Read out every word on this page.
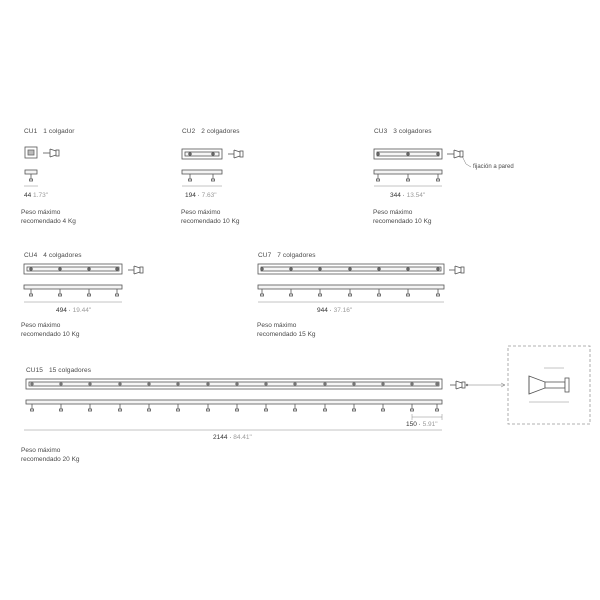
CU1 1 colgador
44 1.73"
Peso máximo recomendado 4 Kg
CU2 2 colgadores
194 · 7.63"
Peso máximo recomendado 10 Kg
CU3 3 colgadores
344 · 13.54"
Peso máximo recomendado 10 Kg
fijación a pared
CU4 4 colgadores
494 · 19.44"
Peso máximo recomendado 10 Kg
CU7 7 colgadores
944 · 37.16"
Peso máximo recomendado 15 Kg
CU15 15 colgadores
150 · 5.91"
2144 · 84.41"
Peso máximo recomendado 20 Kg
